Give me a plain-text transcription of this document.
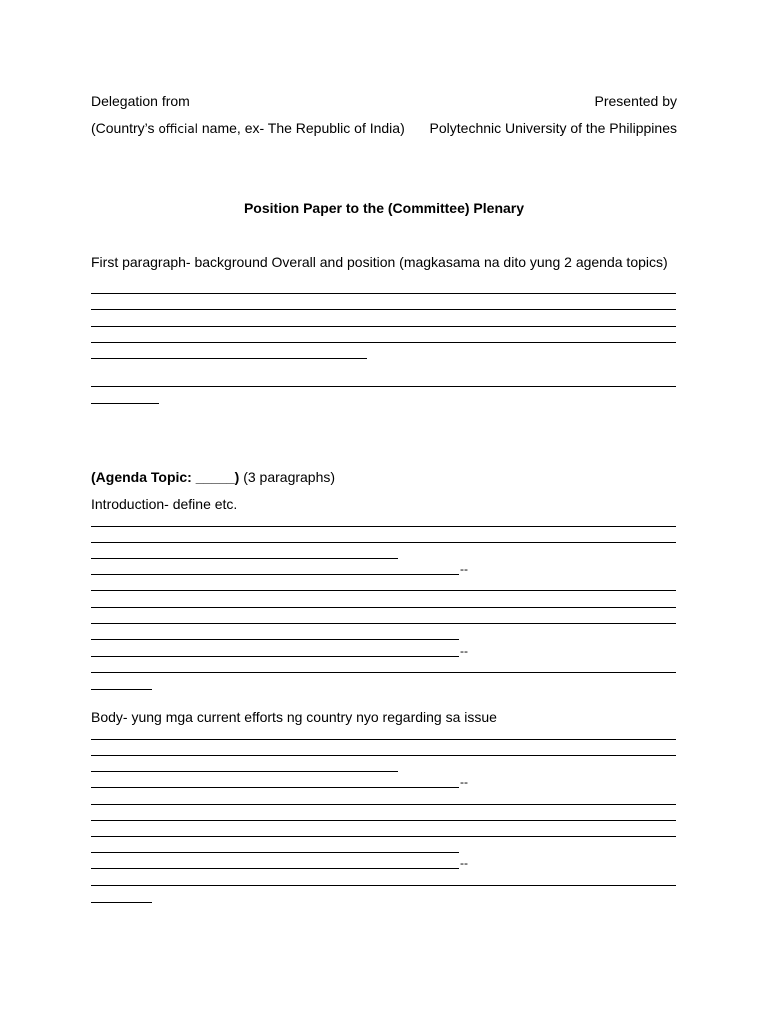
Delegation from	Presented by
(Country’s official name, ex- The Republic of India) Polytechnic University of the Philippines
Position Paper to the (Committee) Plenary
First paragraph- background Overall and position (magkasama na dito yung 2 agenda topics)
(Agenda Topic: _____) (3 paragraphs)
Introduction- define etc.
--
--
Body- yung mga current efforts ng country nyo regarding sa issue
--
--
